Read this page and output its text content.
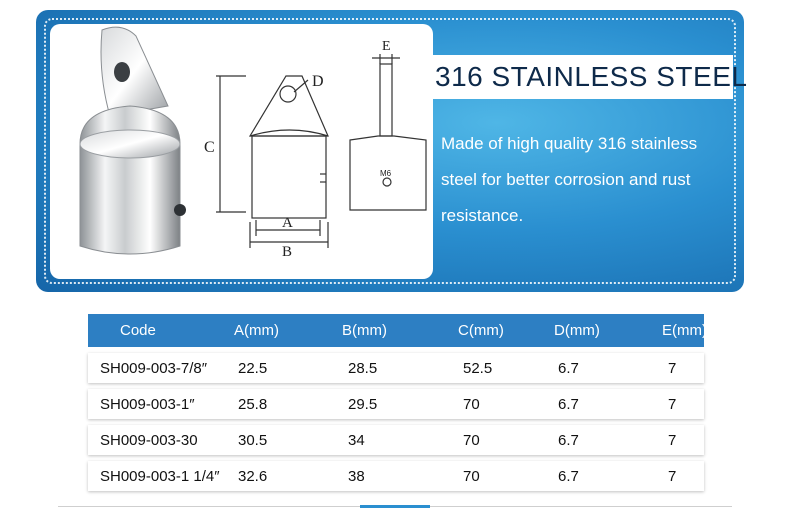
D
E
C
A
B
M6
316 STAINLESS STEEL
Made of high quality 316 stainless steel for better corrosion and rust resistance.
Code	A(mm)	B(mm)	C(mm)	D(mm)	E(mm)
SH009-003-7/8″	22.5	28.5	52.5	6.7	7
SH009-003-1″	25.8	29.5	70	6.7	7
SH009-003-30	30.5	34	70	6.7	7
SH009-003-1 1/4″	32.6	38	70	6.7	7
